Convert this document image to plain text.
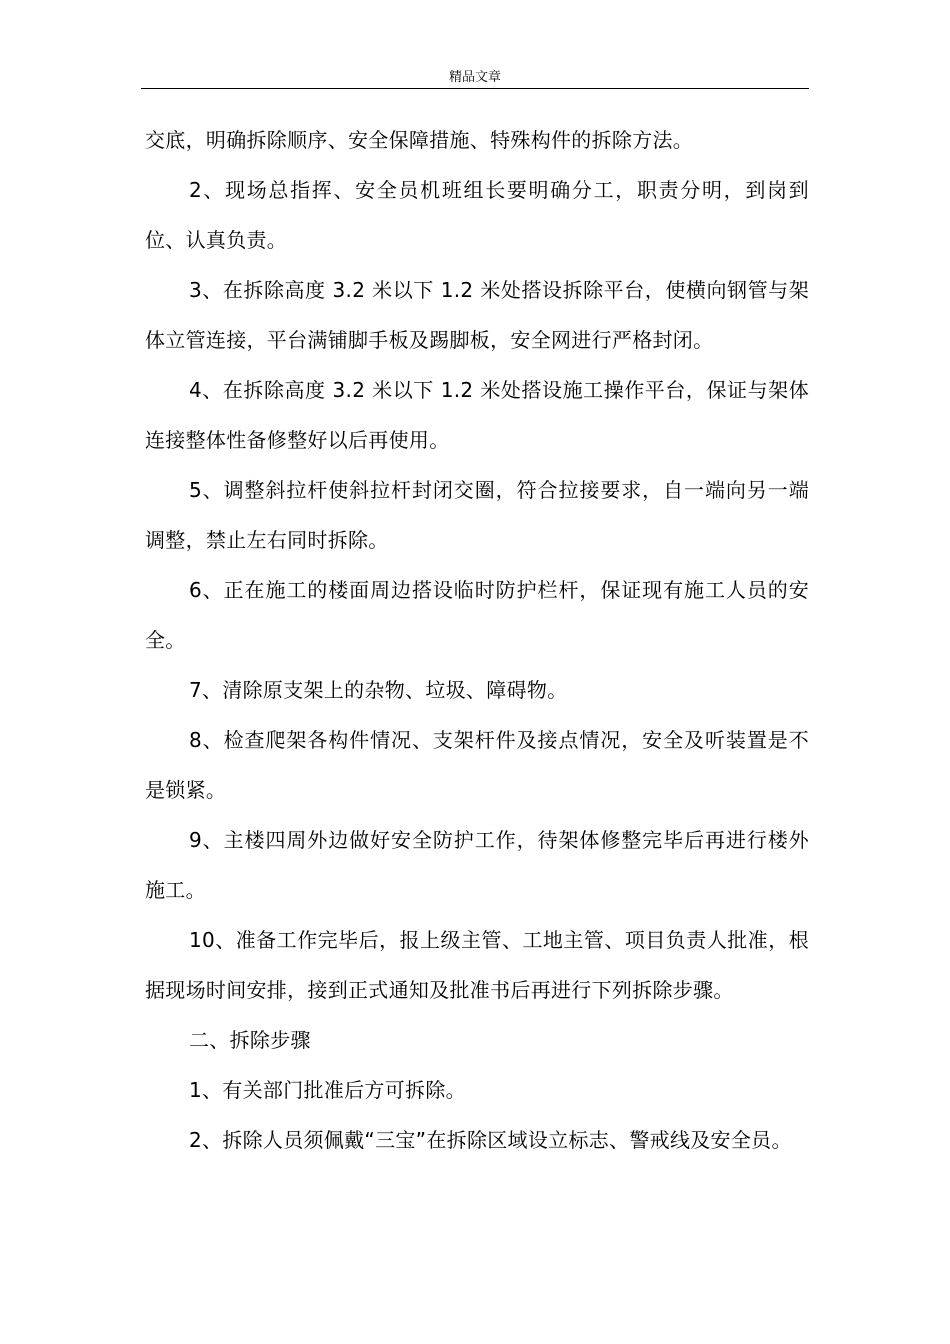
精品文章

交底，明确拆除顺序、安全保障措施、特殊构件的拆除方法。

2、现场总指挥、安全员机班组长要明确分工，职责分明，到岗到位、认真负责。

3、在拆除高度 3.2 米以下 1.2 米处搭设拆除平台，使横向钢管与架体立管连接，平台满铺脚手板及踢脚板，安全网进行严格封闭。

4、在拆除高度 3.2 米以下 1.2 米处搭设施工操作平台，保证与架体连接整体性备修整好以后再使用。

5、调整斜拉杆使斜拉杆封闭交圈，符合拉接要求，自一端向另一端调整，禁止左右同时拆除。

6、正在施工的楼面周边搭设临时防护栏杆，保证现有施工人员的安全。

7、清除原支架上的杂物、垃圾、障碍物。

8、检查爬架各构件情况、支架杆件及接点情况，安全及听装置是不是锁紧。

9、主楼四周外边做好安全防护工作，待架体修整完毕后再进行楼外施工。

10、准备工作完毕后，报上级主管、工地主管、项目负责人批准，根据现场时间安排，接到正式通知及批准书后再进行下列拆除步骤。

二、拆除步骤

1、有关部门批准后方可拆除。

2、拆除人员须佩戴“三宝”在拆除区域设立标志、警戒线及安全员。
